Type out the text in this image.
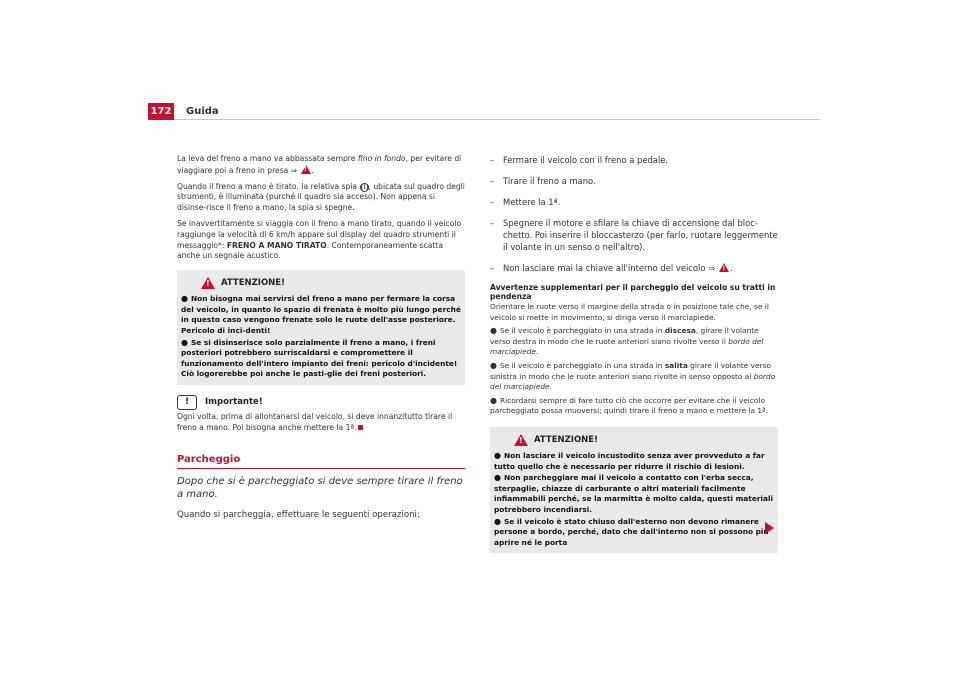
172 Guida

La leva del freno a mano va abbassata sempre fino in fondo, per evitare di viaggiare poi a freno in presa ⇒ ! .

Quando il freno a mano è tirato, la relativa spia (!), ubicata sul quadro degli strumenti, è illuminata (purché il quadro sia acceso). Non appena si disinse-risce il freno a mano, la spia si spegne.

Se inavvertitamente si viaggia con il freno a mano tirato, quando il veicolo raggiunge la velocità di 6 km/h appare sul display del quadro strumenti il messaggio*: FRENO A MANO TIRATO. Contemporaneamente scatta anche un segnale acustico.

!
ATTENZIONE!
● Non bisogna mai servirsi del freno a mano per fermare la corsa del veicolo, in quanto lo spazio di frenata è molto più lungo perché in questo caso vengono frenate solo le ruote dell'asse posteriore. Pericolo di inci-denti!
● Se si disinserisce solo parzialmente il freno a mano, i freni posteriori potrebbero surriscaldarsi e compromettere il funzionamento dell'intero impianto dei freni: pericolo d'incidente! Ciò logorerebbe poi anche le pasti-glie dei freni posteriori.
!	Importante!

Ogni volta, prima di allontanarsi dal veicolo, si deve innanzitutto tirare il freno a mano. Poi bisogna anche mettere la 1ª.

Parcheggio
Dopo che si è parcheggiato si deve sempre tirare il freno a mano.
Quando si parcheggia, effettuare le seguenti operazioni:
–	Fermare il veicolo con il freno a pedale.
–	Tirare il freno a mano.
–	Mettere la 1ª.
–	Spegnere il motore e sfilare la chiave di accensione dal bloc-chetto. Poi inserire il bloccasterzo (per farlo, ruotare leggermente il volante in un senso o nell'altro).
–	Non lasciare mai la chiave all'interno del veicolo ⇒ ! .
Avvertenze supplementari per il parcheggio del veicolo su tratti in pendenza

Orientare le ruote verso il margine della strada o in posizione tale che, se il veicolo si mette in movimento, si diriga verso il marciapiede.

● Se il veicolo è parcheggiato in una strada in discesa, girare il volante verso destra in modo che le ruote anteriori siano rivolte verso il bordo del marciapiede.

● Se il veicolo è parcheggiato in una strada in salita girare il volante verso sinistra in modo che le ruote anteriori siano rivolte in senso opposto al bordo del marciapiede.

● Ricordarsi sempre di fare tutto ciò che occorre per evitare che il veicolo parcheggiato possa muoversi; quindi tirare il freno a mano e mettere la 1ª.

!
ATTENZIONE!
● Non lasciare il veicolo incustodito senza aver provveduto a far tutto quello che è necessario per ridurre il rischio di lesioni.
● Non parcheggiare mai il veicolo a contatto con l'erba secca, sterpaglie, chiazze di carburante o altri materiali facilmente infiammabili perché, se la marmitta è molto calda, questi materiali potrebbero incendiarsi.
● Se il veicolo è stato chiuso dall'esterno non devono rimanere persone a bordo, perché, dato che dall'interno non si possono più aprire né le porta
